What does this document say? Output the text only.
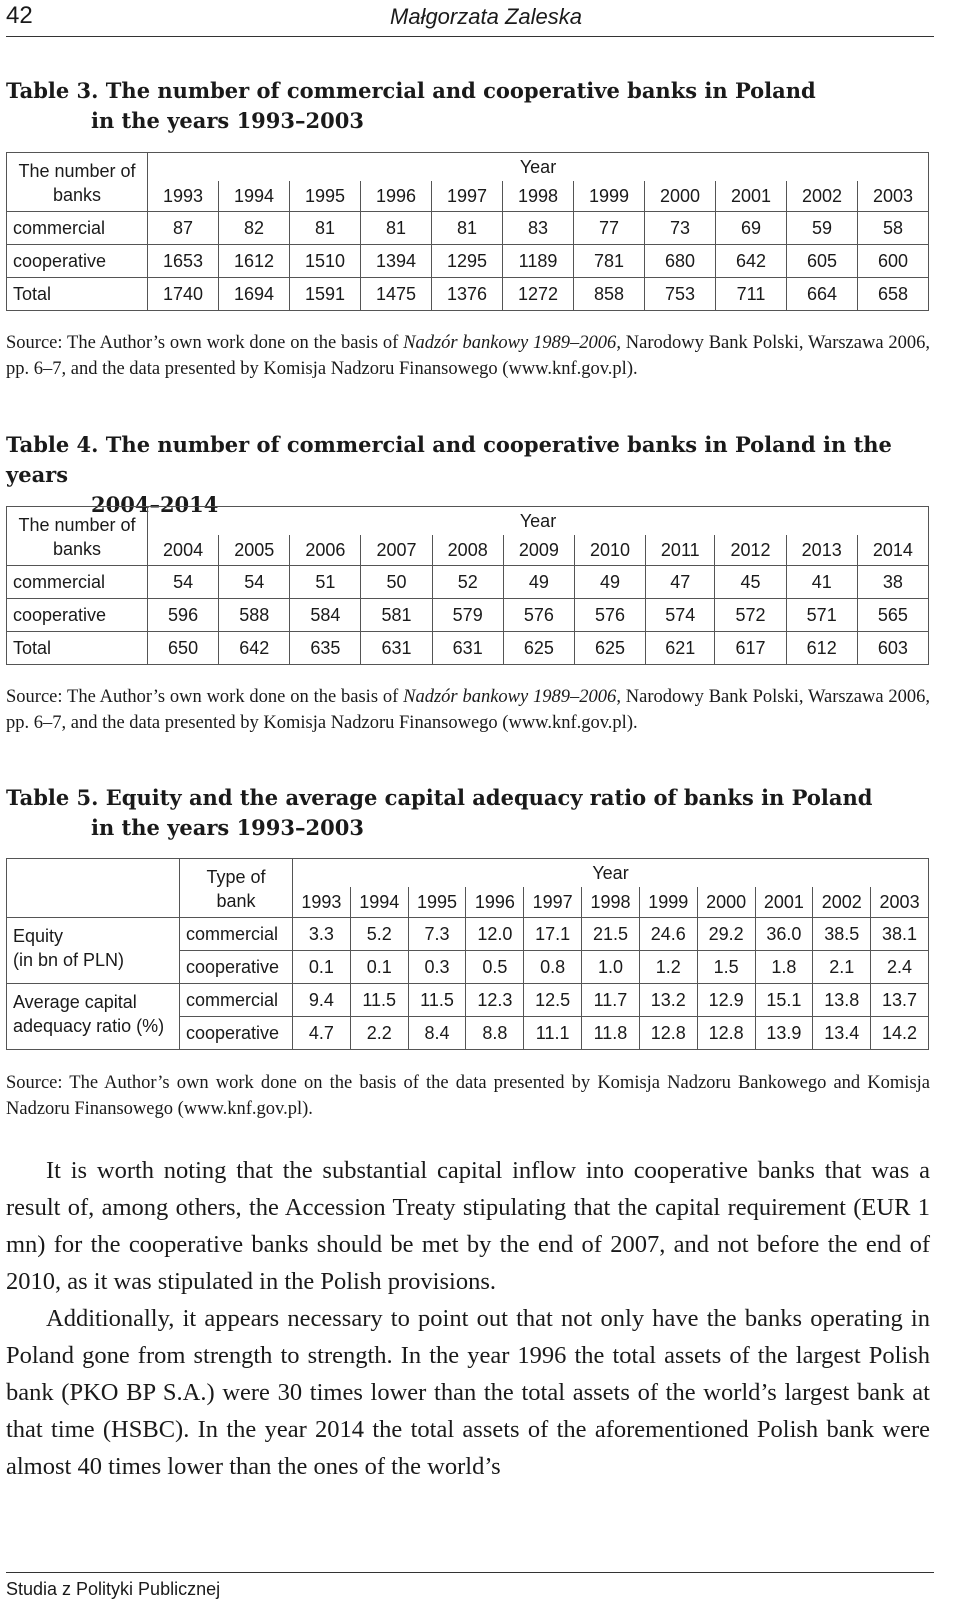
42	Małgorzata Zaleska
Table 3. The number of commercial and cooperative banks in Poland
in the years 1993–2003
The number of
banks	Year										
	1993	1994	1995	1996	1997	1998	1999	2000	2001	2002	2003
commercial	87	82	81	81	81	83	77	73	69	59	58
cooperative	1653	1612	1510	1394	1295	1189	781	680	642	605	600
Total	1740	1694	1591	1475	1376	1272	858	753	711	664	658
Source: The Author’s own work done on the basis of Nadzór bankowy 1989–2006, Narodowy Bank Polski, Warszawa 2006, pp. 6–7, and the data presented by Komisja Nadzoru Finansowego (www.knf.gov.pl).
Table 4. The number of commercial and cooperative banks in Poland in the years
2004–2014
The number of
banks	Year										
	2004	2005	2006	2007	2008	2009	2010	2011	2012	2013	2014
commercial	54	54	51	50	52	49	49	47	45	41	38
cooperative	596	588	584	581	579	576	576	574	572	571	565
Total	650	642	635	631	631	625	625	621	617	612	603
Source: The Author’s own work done on the basis of Nadzór bankowy 1989–2006, Narodowy Bank Polski, Warszawa 2006, pp. 6–7, and the data presented by Komisja Nadzoru Finansowego (www.knf.gov.pl).
Table 5. Equity and the average capital adequacy ratio of banks in Poland
in the years 1993–2003
	Type of
bank	Year										
		1993	1994	1995	1996	1997	1998	1999	2000	2001	2002	2003
Equity
(in bn of PLN)	commercial	3.3	5.2	7.3	12.0	17.1	21.5	24.6	29.2	36.0	38.5	38.1
	cooperative	0.1	0.1	0.3	0.5	0.8	1.0	1.2	1.5	1.8	2.1	2.4
Average capital
adequacy ratio (%)	commercial	9.4	11.5	11.5	12.3	12.5	11.7	13.2	12.9	15.1	13.8	13.7
	cooperative	4.7	2.2	8.4	8.8	11.1	11.8	12.8	12.8	13.9	13.4	14.2
Source: The Author’s own work done on the basis of the data presented by Komisja Nadzoru Bankowego and Komisja Nadzoru Finansowego (www.knf.gov.pl).

It is worth noting that the substantial capital inflow into cooperative banks that was a result of, among others, the Accession Treaty stipulating that the capital requirement (EUR 1 mn) for the cooperative banks should be met by the end of 2007, and not before the end of 2010, as it was stipulated in the Polish provisions.

Additionally, it appears necessary to point out that not only have the banks operating in Poland gone from strength to strength. In the year 1996 the total assets of the largest Polish bank (PKO BP S.A.) were 30 times lower than the total assets of the world’s largest bank at that time (HSBC). In the year 2014 the total assets of the aforementioned Polish bank were almost 40 times lower than the ones of the world’s

Studia z Polityki Publicznej
